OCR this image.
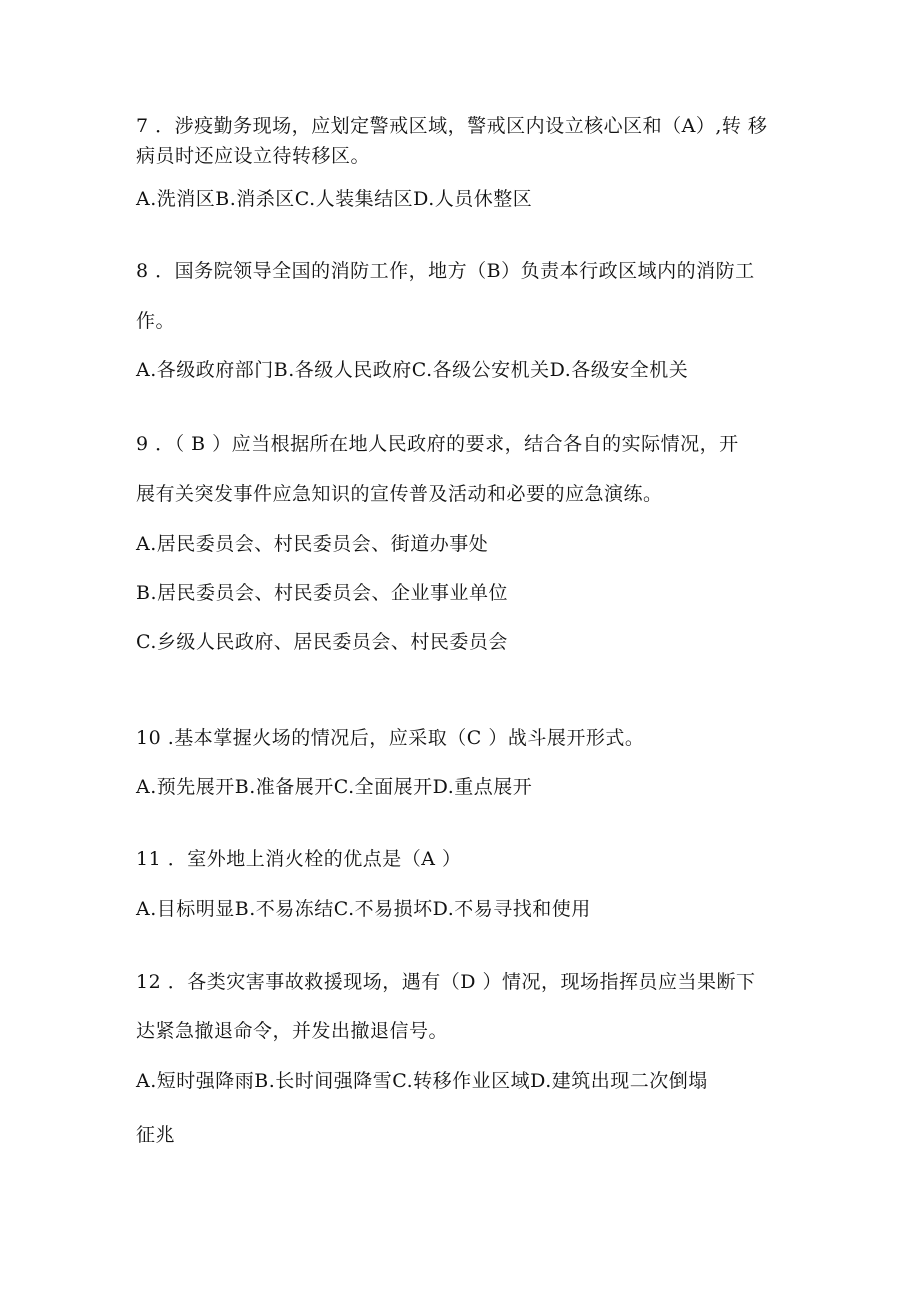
7 ．涉疫勤务现场，应划定警戒区域，警戒区内设立核心区和（A）,转 移
病员时还应设立待转移区。
A.洗消区B.消杀区C.人装集结区D.人员休整区
8 ．国务院领导全国的消防工作，地方（B）负责本行政区域内的消防工
作。
A.各级政府部门B.各级人民政府C.各级公安机关D.各级安全机关
9 ．（ B ）应当根据所在地人民政府的要求，结合各自的实际情况，开
展有关突发事件应急知识的宣传普及活动和必要的应急演练。
A.居民委员会、村民委员会、街道办事处
B.居民委员会、村民委员会、企业事业单位
C.乡级人民政府、居民委员会、村民委员会
10 .基本掌握火场的情况后，应采取（C ）战斗展开形式。
A.预先展开B.准备展开C.全面展开D.重点展开
11 ．室外地上消火栓的优点是（A ）
A.目标明显B.不易冻结C.不易损坏D.不易寻找和使用
12 ．各类灾害事故救援现场，遇有（D ）情况，现场指挥员应当果断下
达紧急撤退命令，并发出撤退信号。
A.短时强降雨B.长时间强降雪C.转移作业区域D.建筑出现二次倒塌
征兆
